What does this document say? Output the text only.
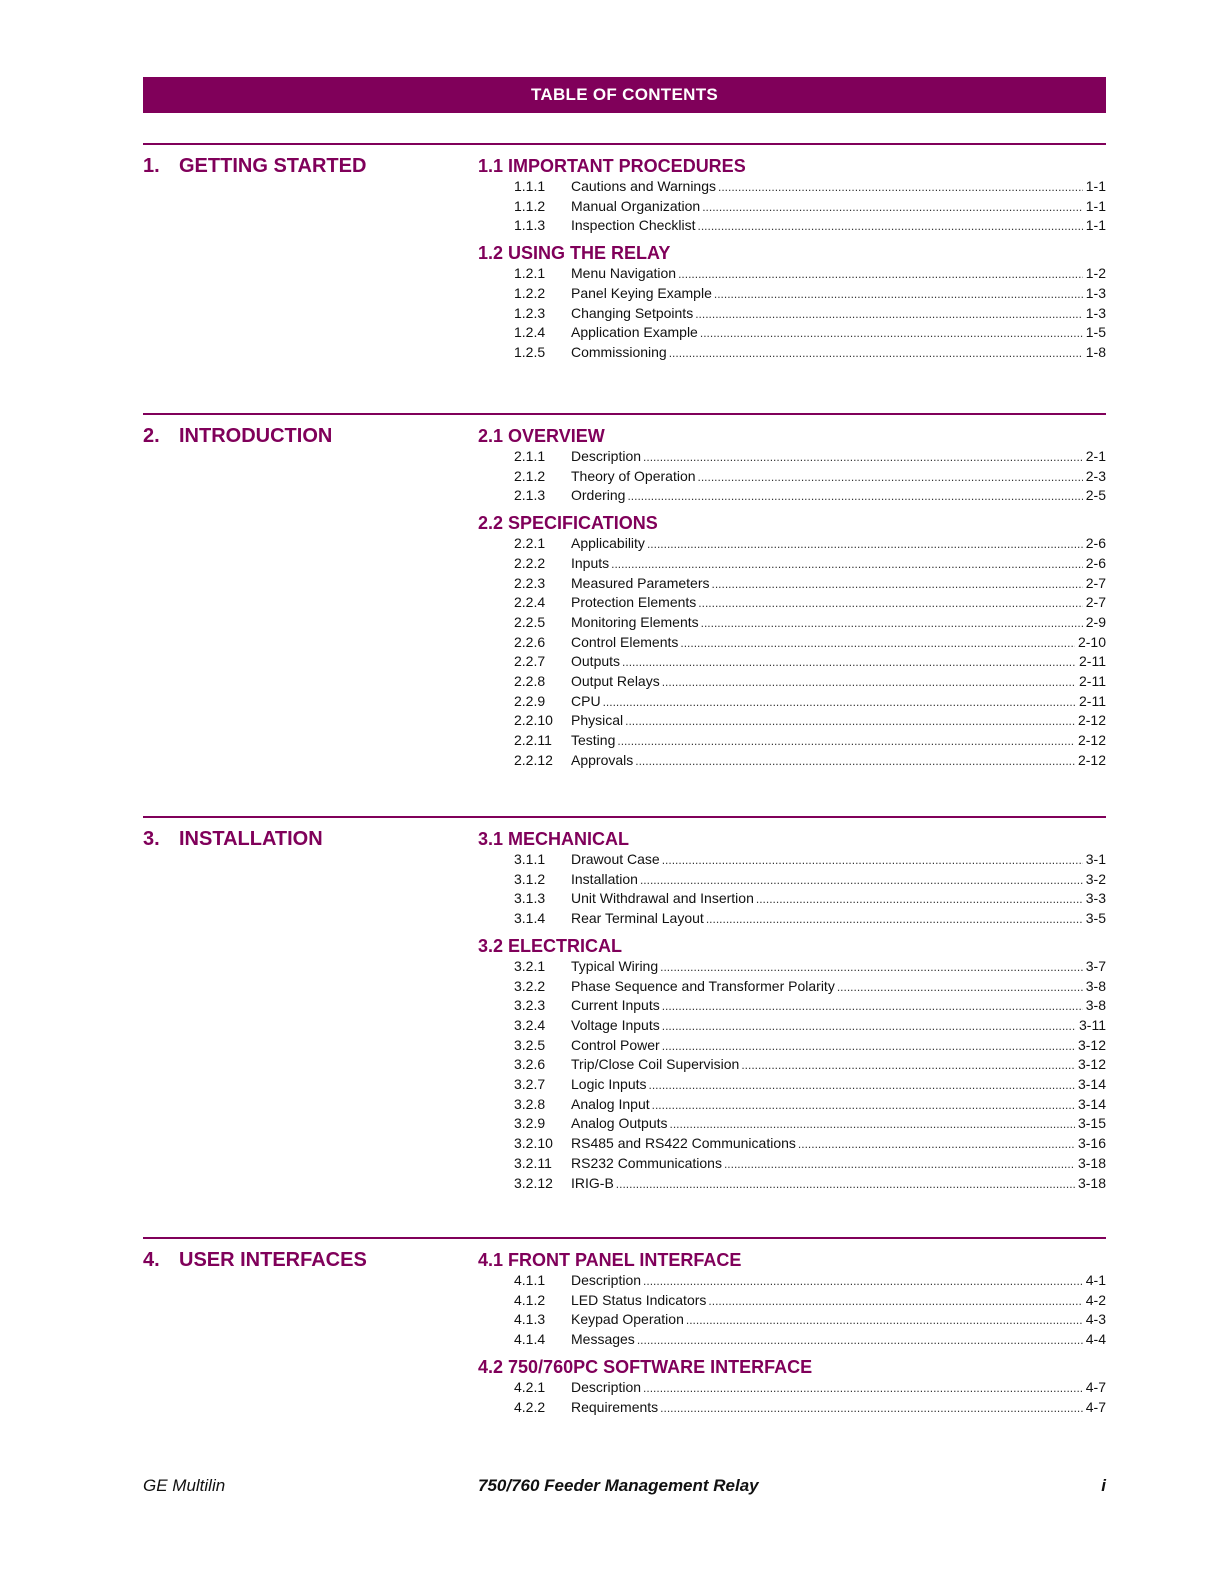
TABLE OF CONTENTS
1. GETTING STARTED	1.1 IMPORTANT PROCEDURES
1.1.1	Cautions and Warnings .....	1-1
1.1.2	Manual Organization .....	1-1
1.1.3	Inspection Checklist .....	1-1
1.2 USING THE RELAY
1.2.1	Menu Navigation .....	1-2
1.2.2	Panel Keying Example .....	1-3
1.2.3	Changing Setpoints .....	1-3
1.2.4	Application Example .....	1-5
1.2.5	Commissioning .....	1-8
2. INTRODUCTION	2.1 OVERVIEW
2.1.1	Description .....	2-1
2.1.2	Theory of Operation .....	2-3
2.1.3	Ordering .....	2-5
2.2 SPECIFICATIONS
2.2.1	Applicability .....	2-6
2.2.2	Inputs .....	2-6
2.2.3	Measured Parameters .....	2-7
2.2.4	Protection Elements .....	2-7
2.2.5	Monitoring Elements .....	2-9
2.2.6	Control Elements .....	2-10
2.2.7	Outputs .....	2-11
2.2.8	Output Relays .....	2-11
2.2.9	CPU .....	2-11
2.2.10	Physical .....	2-12
2.2.11	Testing .....	2-12
2.2.12	Approvals .....	2-12
3. INSTALLATION	3.1 MECHANICAL
3.1.1	Drawout Case .....	3-1
3.1.2	Installation .....	3-2
3.1.3	Unit Withdrawal and Insertion .....	3-3
3.1.4	Rear Terminal Layout .....	3-5
3.2 ELECTRICAL
3.2.1	Typical Wiring .....	3-7
3.2.2	Phase Sequence and Transformer Polarity .....	3-8
3.2.3	Current Inputs .....	3-8
3.2.4	Voltage Inputs .....	3-11
3.2.5	Control Power .....	3-12
3.2.6	Trip/Close Coil Supervision .....	3-12
3.2.7	Logic Inputs .....	3-14
3.2.8	Analog Input .....	3-14
3.2.9	Analog Outputs .....	3-15
3.2.10	RS485 and RS422 Communications .....	3-16
3.2.11	RS232 Communications .....	3-18
3.2.12	IRIG-B .....	3-18
4. USER INTERFACES	4.1 FRONT PANEL INTERFACE
4.1.1	Description .....	4-1
4.1.2	LED Status Indicators .....	4-2
4.1.3	Keypad Operation .....	4-3
4.1.4	Messages .....	4-4
4.2 750/760PC SOFTWARE INTERFACE
4.2.1	Description .....	4-7
4.2.2	Requirements .....	4-7
GE Multilin	750/760 Feeder Management Relay	i
